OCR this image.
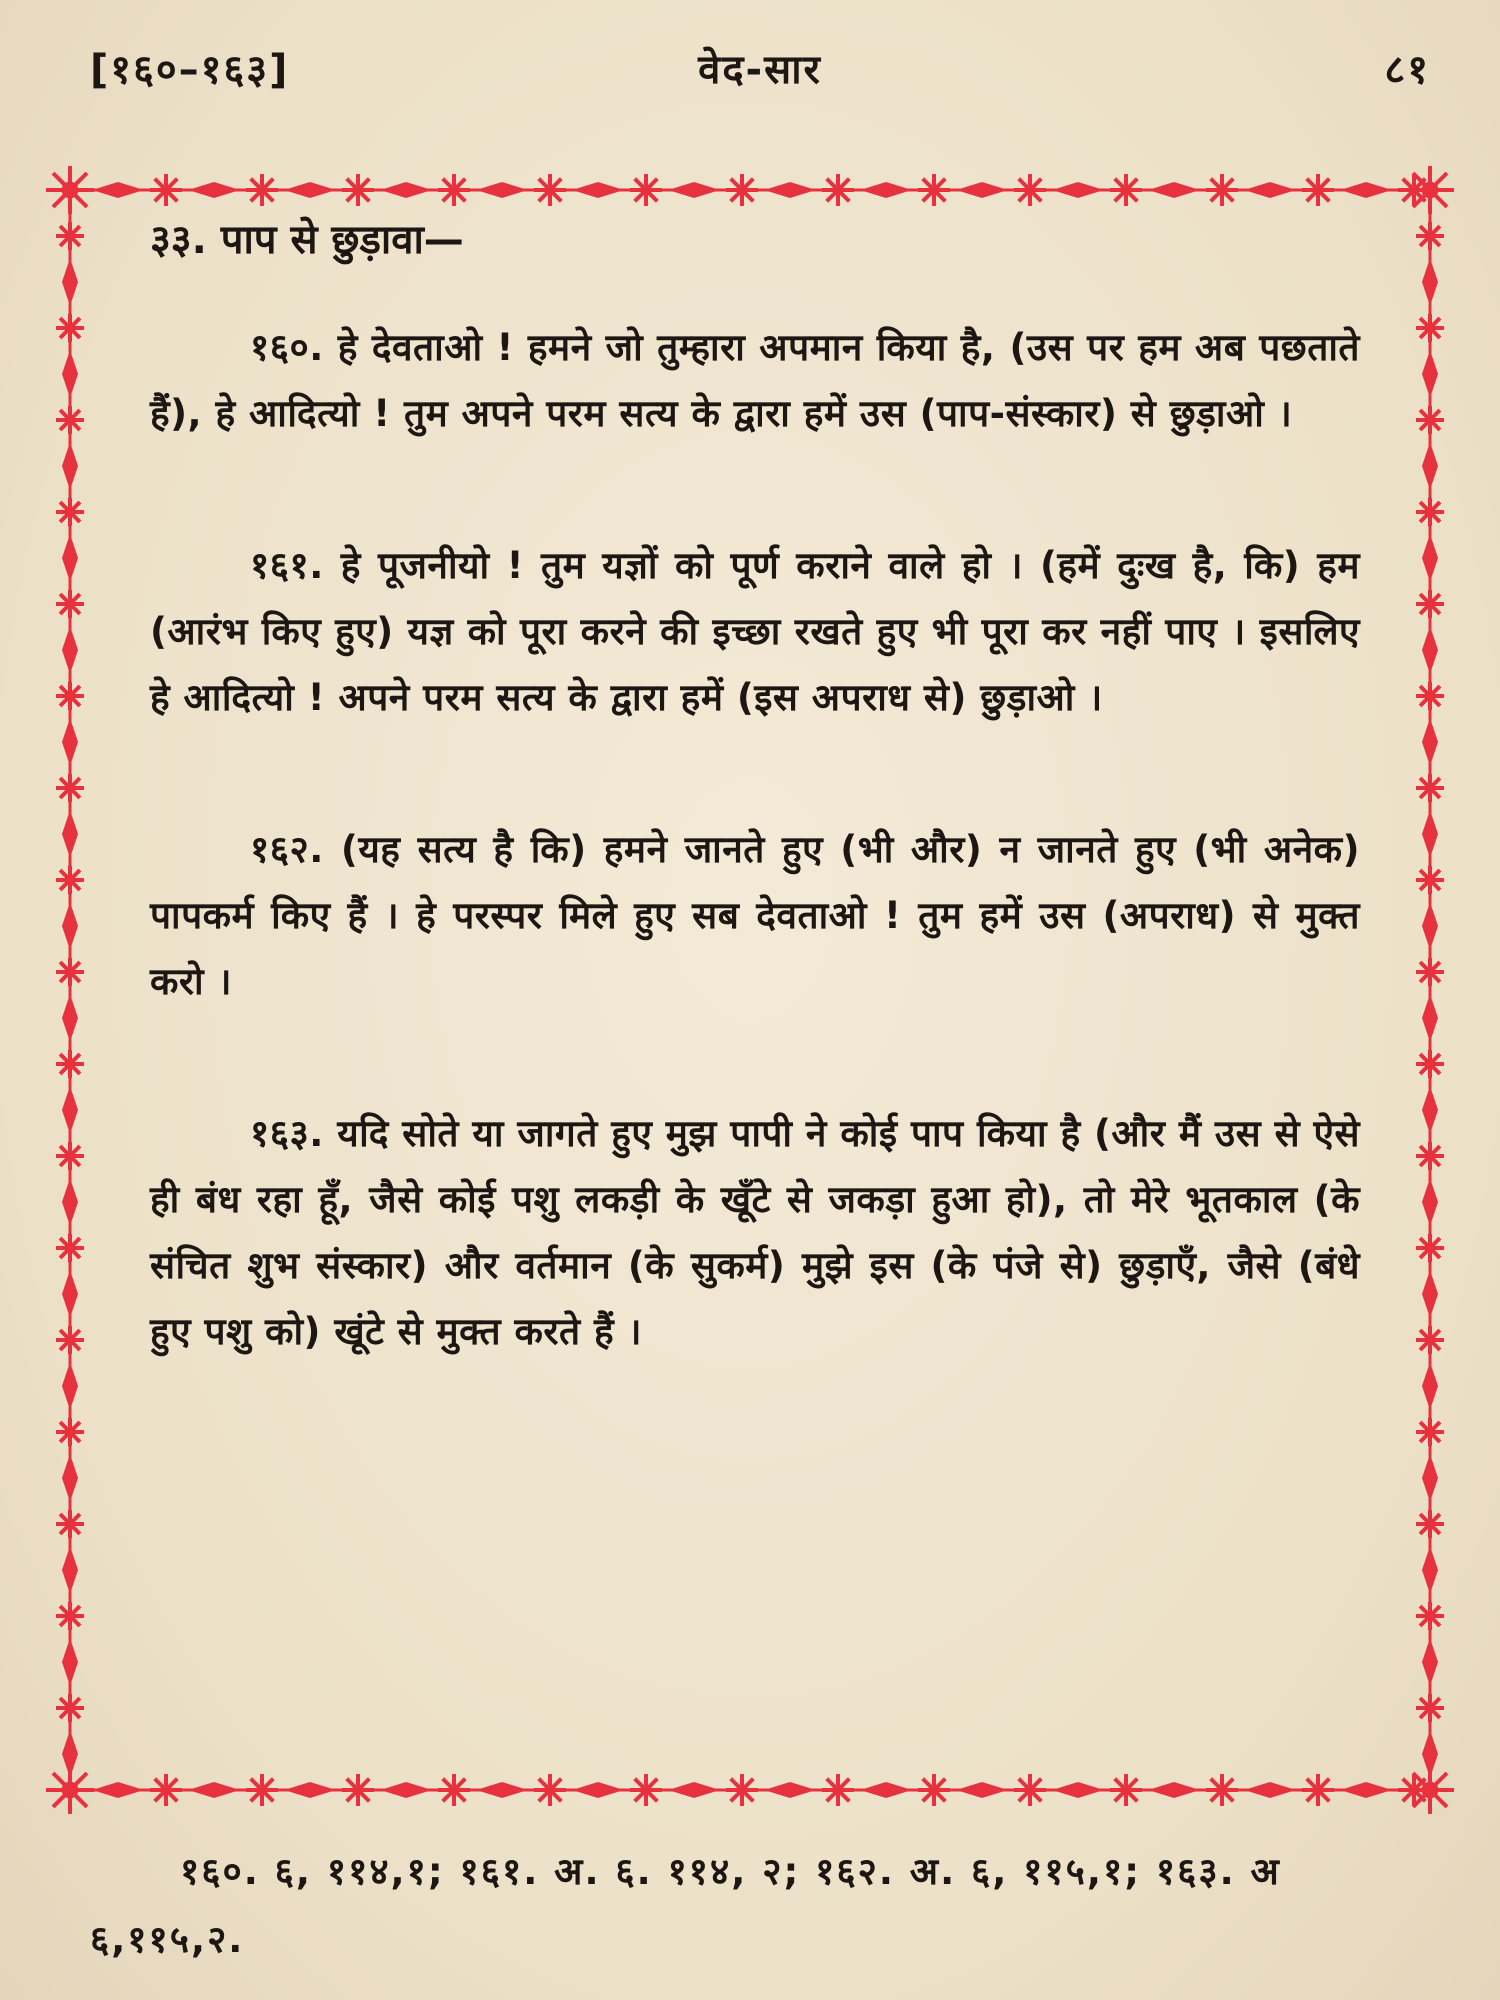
[१६०–१६३]	वेद-सार	८१
३३. पाप से छुड़ावा—

१६०. हे देवताओ ! हमने जो तुम्हारा अपमान किया है, (उस पर हम अब पछताते हैं), हे आदित्यो ! तुम अपने परम सत्य के द्वारा हमें उस (पाप-संस्कार) से छुड़ाओ ।

१६१. हे पूजनीयो ! तुम यज्ञों को पूर्ण कराने वाले हो । (हमें दुःख है, कि) हम (आरंभ किए हुए) यज्ञ को पूरा करने की इच्छा रखते हुए भी पूरा कर नहीं पाए । इसलिए हे आदित्यो ! अपने परम सत्य के द्वारा हमें (इस अपराध से) छुड़ाओ ।

१६२. (यह सत्य है कि) हमने जानते हुए (भी और) न जानते हुए (भी अनेक) पापकर्म किए हैं । हे परस्पर मिले हुए सब देवताओ ! तुम हमें उस (अपराध) से मुक्त करो ।

१६३. यदि सोते या जागते हुए मुझ पापी ने कोई पाप किया है (और मैं उस से ऐसे ही बंध रहा हूँ, जैसे कोई पशु लकड़ी के खूँटे से जकड़ा हुआ हो), तो मेरे भूतकाल (के संचित शुभ संस्कार) और वर्तमान (के सुकर्म) मुझे इस (के पंजे से) छुड़ाएँ, जैसे (बंधे हुए पशु को) खूंटे से मुक्त करते हैं ।

१६०. ६, ११४,१; १६१. अ. ६. ११४, २; १६२. अ. ६, ११५,१; १६३. अ ६,११५,२.
